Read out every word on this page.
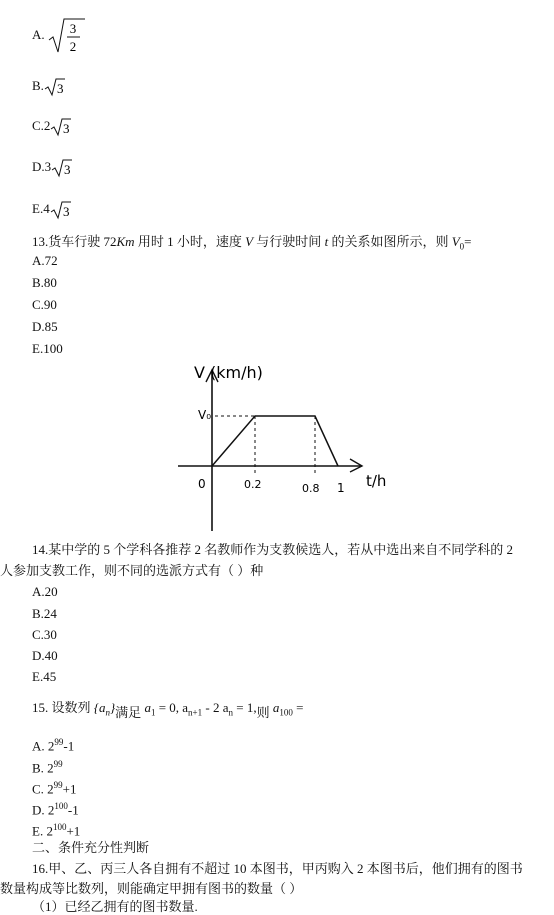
A. 3
2
B. 3
C.2 3
D.3 3
E.4 3
13.货车行驶 72Km 用时 1 小时，速度 V 与行驶时间 t 的关系如图所示，则 $V_0=$
A.72
B.80
C.90
D.85
E.100
V (km/h)
V₀
0	0.2	0.8 1 t/h
14.某中学的 5 个学科各推荐 2 名教师作为支教候选人，若从中选出来自不同学科的 2
人参加支教工作，则不同的选派方式有（ ）种
A.20
B.24
C.30
D.40
E.45
15. 设数列 $\{a_n\}$满足 $a_1 = 0$, $a_{n+1} - 2$ $a_n = 1$,则 $a_{100}$ =
A. $2^{99}-1$
B. $2^{99}$
C. $2^{99}+1$
D. $2^{100}-1$
E. $2^{100}+1$
二、条件充分性判断
16.甲、乙、丙三人各自拥有不超过 10 本图书，甲丙购入 2 本图书后，他们拥有的图书
数量构成等比数列，则能确定甲拥有图书的数量（ ）
（1）已经乙拥有的图书数量.
